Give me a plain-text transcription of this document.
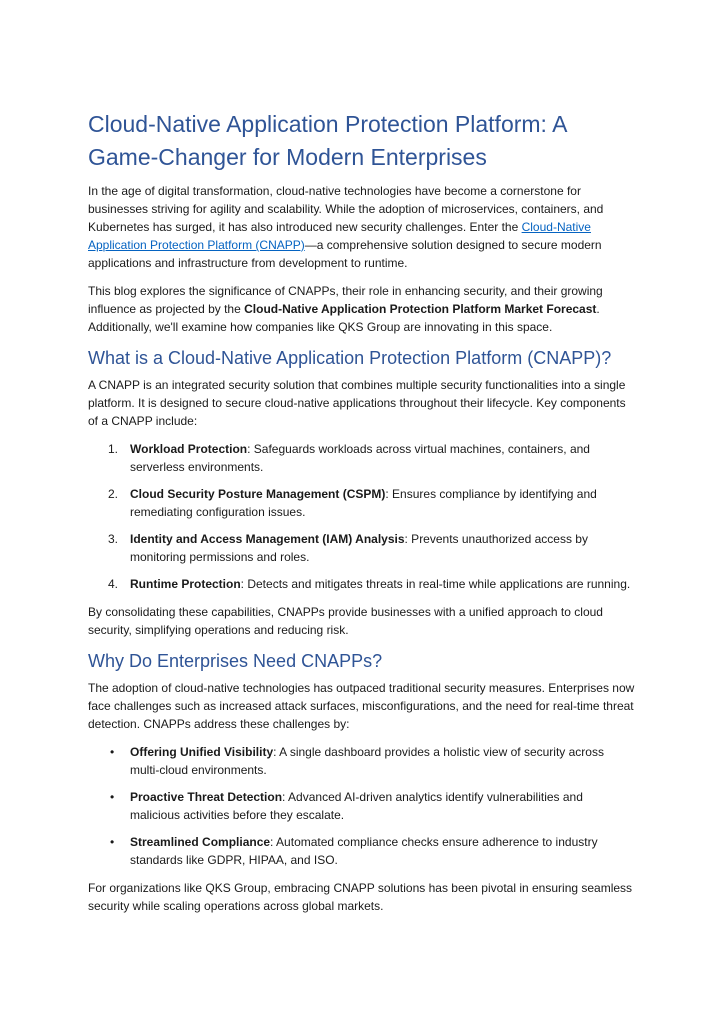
Cloud-Native Application Protection Platform: A Game-Changer for Modern Enterprises

In the age of digital transformation, cloud-native technologies have become a cornerstone for businesses striving for agility and scalability. While the adoption of microservices, containers, and Kubernetes has surged, it has also introduced new security challenges. Enter the Cloud-Native Application Protection Platform (CNAPP)—a comprehensive solution designed to secure modern applications and infrastructure from development to runtime.

This blog explores the significance of CNAPPs, their role in enhancing security, and their growing influence as projected by the Cloud-Native Application Protection Platform Market Forecast. Additionally, we'll examine how companies like QKS Group are innovating in this space.

What is a Cloud-Native Application Protection Platform (CNAPP)?

A CNAPP is an integrated security solution that combines multiple security functionalities into a single platform. It is designed to secure cloud-native applications throughout their lifecycle. Key components of a CNAPP include:

1. Workload Protection: Safeguards workloads across virtual machines, containers, and serverless environments.
2. Cloud Security Posture Management (CSPM): Ensures compliance by identifying and remediating configuration issues.
3. Identity and Access Management (IAM) Analysis: Prevents unauthorized access by monitoring permissions and roles.
4. Runtime Protection: Detects and mitigates threats in real-time while applications are running.

By consolidating these capabilities, CNAPPs provide businesses with a unified approach to cloud security, simplifying operations and reducing risk.

Why Do Enterprises Need CNAPPs?

The adoption of cloud-native technologies has outpaced traditional security measures. Enterprises now face challenges such as increased attack surfaces, misconfigurations, and the need for real-time threat detection. CNAPPs address these challenges by:

•	Offering Unified Visibility: A single dashboard provides a holistic view of security across multi-cloud environments.
•	Proactive Threat Detection: Advanced AI-driven analytics identify vulnerabilities and malicious activities before they escalate.
•	Streamlined Compliance: Automated compliance checks ensure adherence to industry standards like GDPR, HIPAA, and ISO.

For organizations like QKS Group, embracing CNAPP solutions has been pivotal in ensuring seamless security while scaling operations across global markets.
